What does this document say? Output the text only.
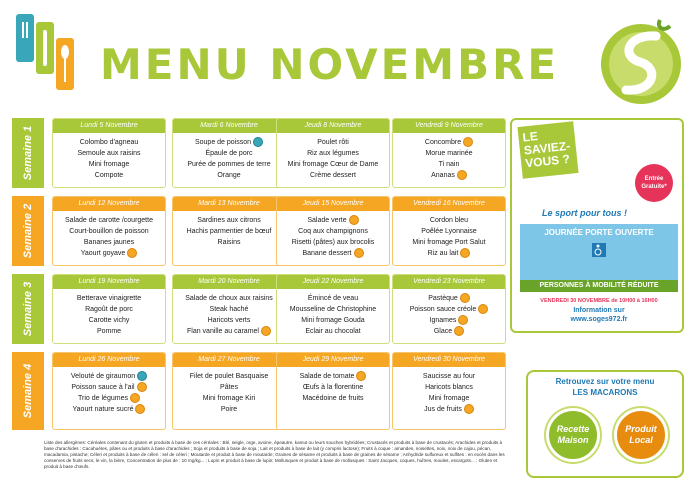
MENU NOVEMBRE
Semaine 1
Lundi 5 Novembre
Colombo d'agneau
Semoule aux raisins
Mini fromage
Compote
Mardi 6 Novembre
Soupe de poisson
Épaule de porc
Purée de pommes de terre
Orange
Jeudi 8 Novembre
Poulet rôti
Riz aux légumes
Mini fromage Cœur de Dame
Crème dessert
Vendredi 9 Novembre
Concombre
Morue marinée
Ti nain
Ananas
Semaine 2
Lundi 12 Novembre
Salade de carotte /courgette
Court-bouillon de poisson
Bananes jaunes
Yaourt goyave
Mardi 13 Novembre
Sardines aux citrons
Hachis parmentier de bœuf
Raisins
Jeudi 15 Novembre
Salade verte
Coq aux champignons
Risetti (pâtes) aux brocolis
Banane dessert
Vendredi 16 Novembre
Cordon bleu
Poêlée Lyonnaise
Mini fromage Port Salut
Riz au lait
Semaine 3
Lundi 19 Novembre
Betterave vinaigrette
Ragoût de porc
Carotte vichy
Pomme
Mardi 20 Novembre
Salade de choux aux raisins
Steak haché
Haricots verts
Flan vanille au caramel
Jeudi 22 Novembre
Émincé de veau
Mousseline de Christophine
Mini fromage Gouda
Eclair au chocolat
Vendredi 23 Novembre
Pastèque
Poisson sauce créole
Ignames
Glace
Semaine 4
Lundi 26 Novembre
Velouté de giraumon
Poisson sauce à l'ail
Trio de légumes
Yaourt nature sucré
Mardi 27 Novembre
Filet de poulet Basquaise
Pâtes
Mini fromage Kiri
Poire
Jeudi 29 Novembre
Salade de tomate
Œufs à la florentine
Macédoine de fruits
Vendredi 30 Novembre
Saucisse au four
Haricots blancs
Mini fromage
Jus de fruits
Liste des allergènes: Céréales contenant du gluten et produits à base de ces céréales : Blé, seigle, orge, avoine, épeautre, kamut ou leurs souches hybridées; Crustacés et produits à base de crustacés; Arachides et produits à base d'arachides : Cacahuètes, pâtes ou et produits à base d'arachides ; Soja et produits à base de soja ; Lait et produits à base de lait (y compris lactose); Fruits à coque : amandes, noisettes, noix, noix de cajou, pécan, macadamia, pistache; Céleri et produits à base de céleri : sel de céleri ; Moutarde et produit à base de moutarde; Graines de sésame et produits à base de graines de sésame ; Anhydride sulfureux et sulfites : en excès dans les conserves de fruits secs, le vin, la bière, Concentration de plus de : 10 mg/kg... ; Lupin et produit à base de lupin; Mollusques et produit à base de mollusques : Saint Jacques, coques, huîtres, moules, escargots... ; Gluten et produit à base d'œufs.
LE SAVIEZ-VOUS ?
Entrée Gratuite*
Le sport pour tous !
JOURNÉE PORTE OUVERTE
PERSONNES À MOBILITÉ RÉDUITE
VENDREDI 30 NOVEMBRE de 10H00 à 16H00
Information sur
www.soges972.fr
Retrouvez sur votre menu
LES MACARONS
Recette Maison
Produit Local
